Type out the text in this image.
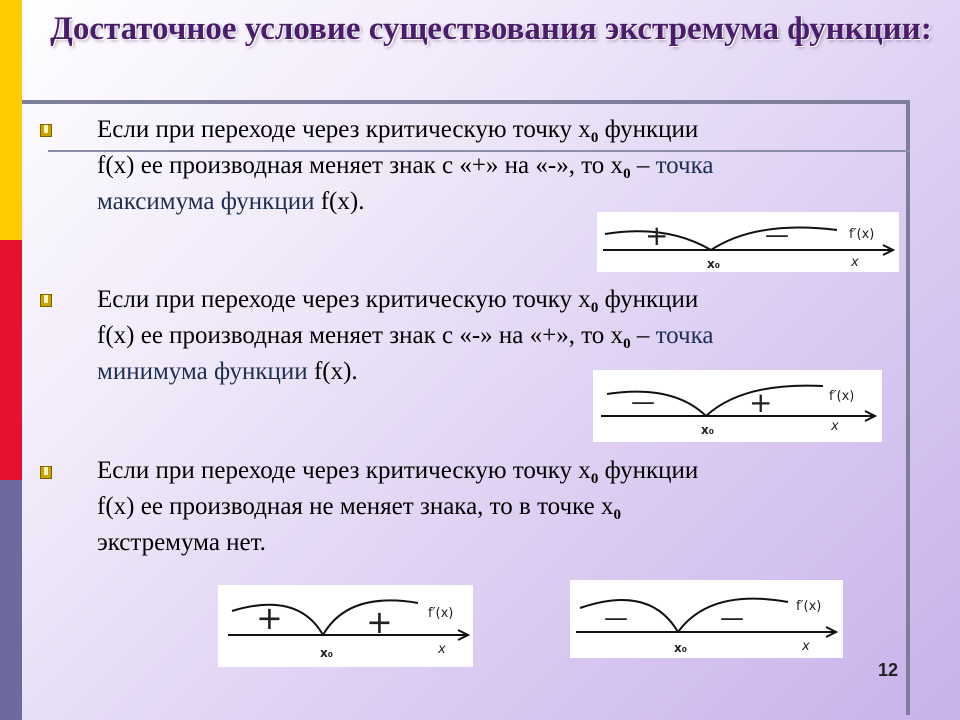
Достаточное условие существования экстремума функции:
Если при переходе через критическую точку $x_0$ функции
f(x) ее производная меняет знак с «+» на «-», то $x_0$ – точка
максимума функции f(x).
+	—	f′(x)
x
x₀
Если при переходе через критическую точку $x_0$ функции
f(x) ее производная меняет знак с «-» на «+», то $x_0$ – точка
минимума функции f(x).
—	+	f′(x)
x
x₀
Если при переходе через критическую точку $x_0$ функции
f(x) ее производная не меняет знака, то в точке $x_0$
экстремума нет.
+	+	f′(x)
x
x₀
—	—	f′(x)
x
x₀
12
